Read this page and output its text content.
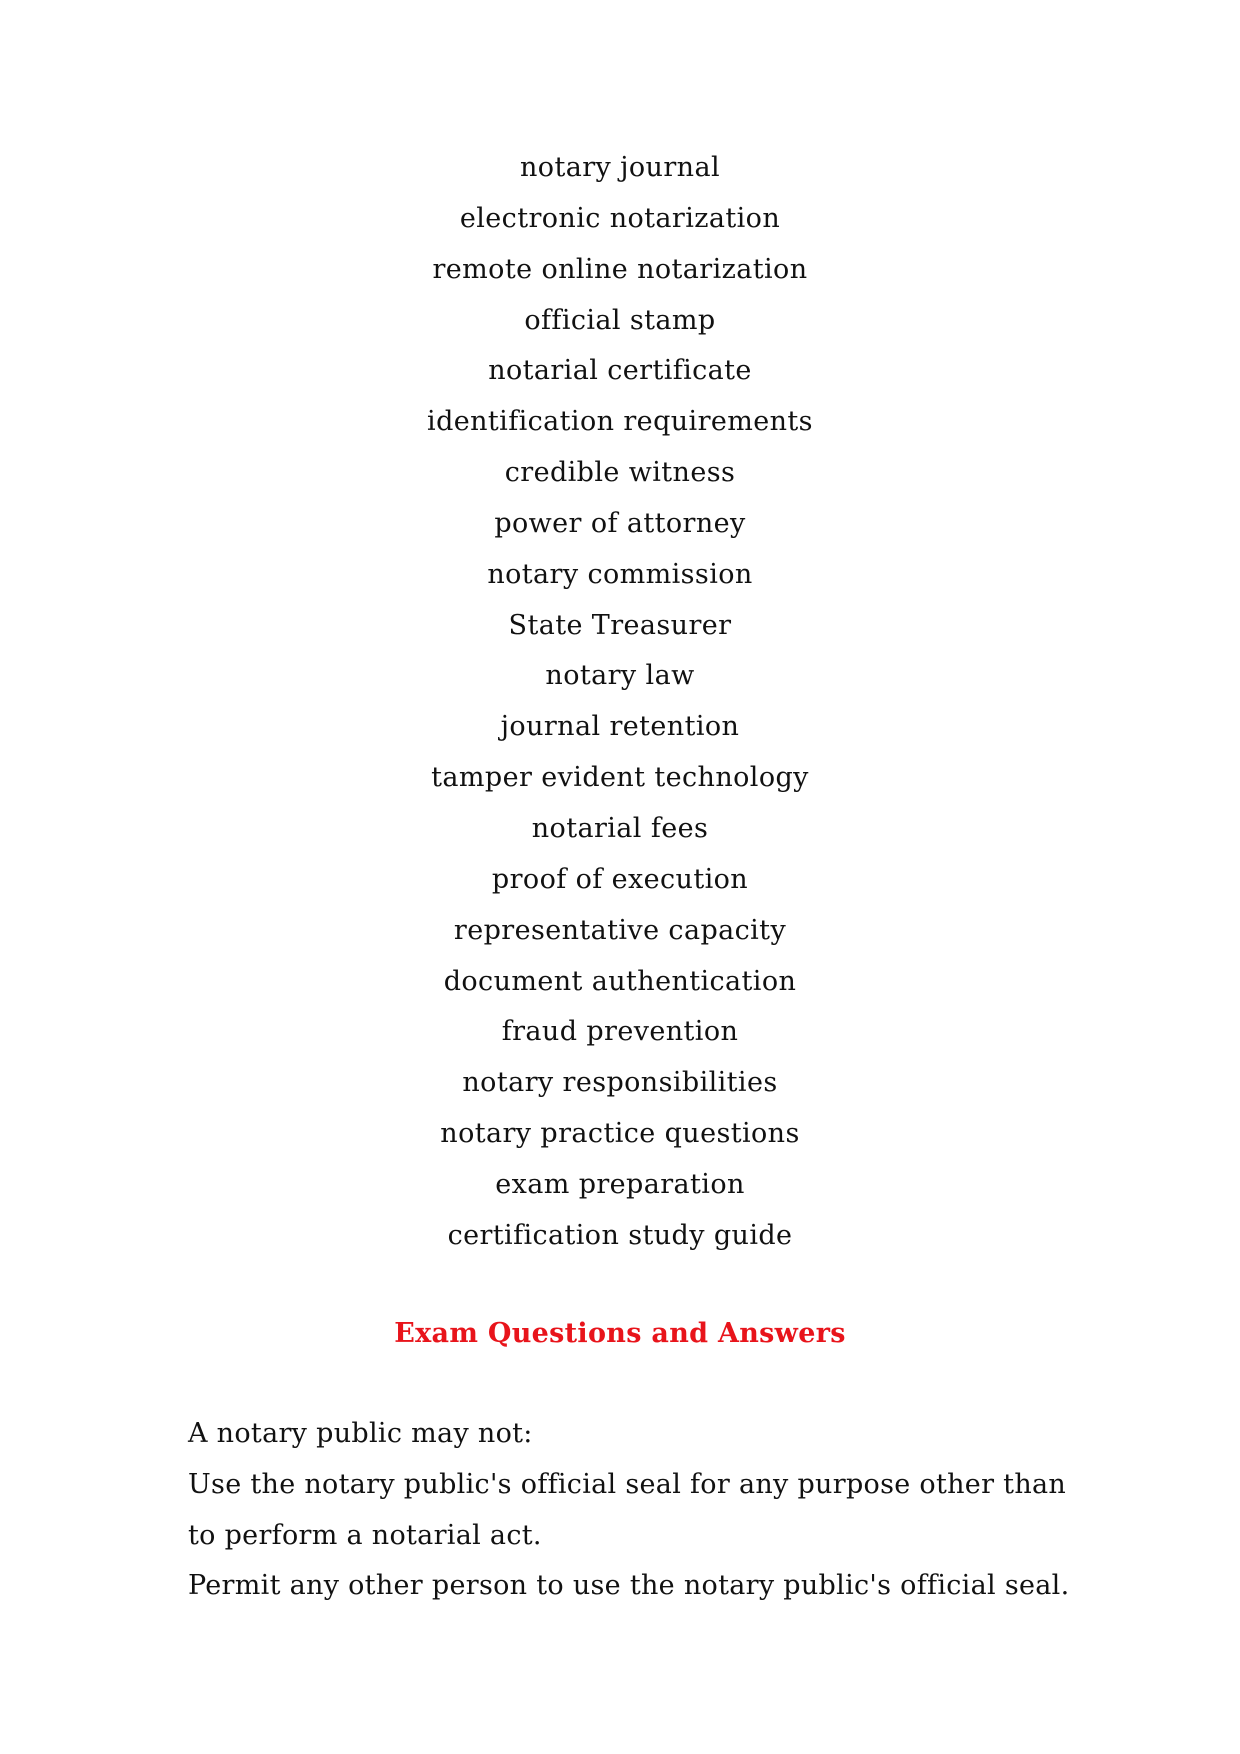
notary journal
electronic notarization
remote online notarization
official stamp
notarial certificate
identification requirements
credible witness
power of attorney
notary commission
State Treasurer
notary law
journal retention
tamper evident technology
notarial fees
proof of execution
representative capacity
document authentication
fraud prevention
notary responsibilities
notary practice questions
exam preparation
certification study guide
Exam Questions and Answers

A notary public may not:

Use the notary public's official seal for any purpose other than

to perform a notarial act.

Permit any other person to use the notary public's official seal.
